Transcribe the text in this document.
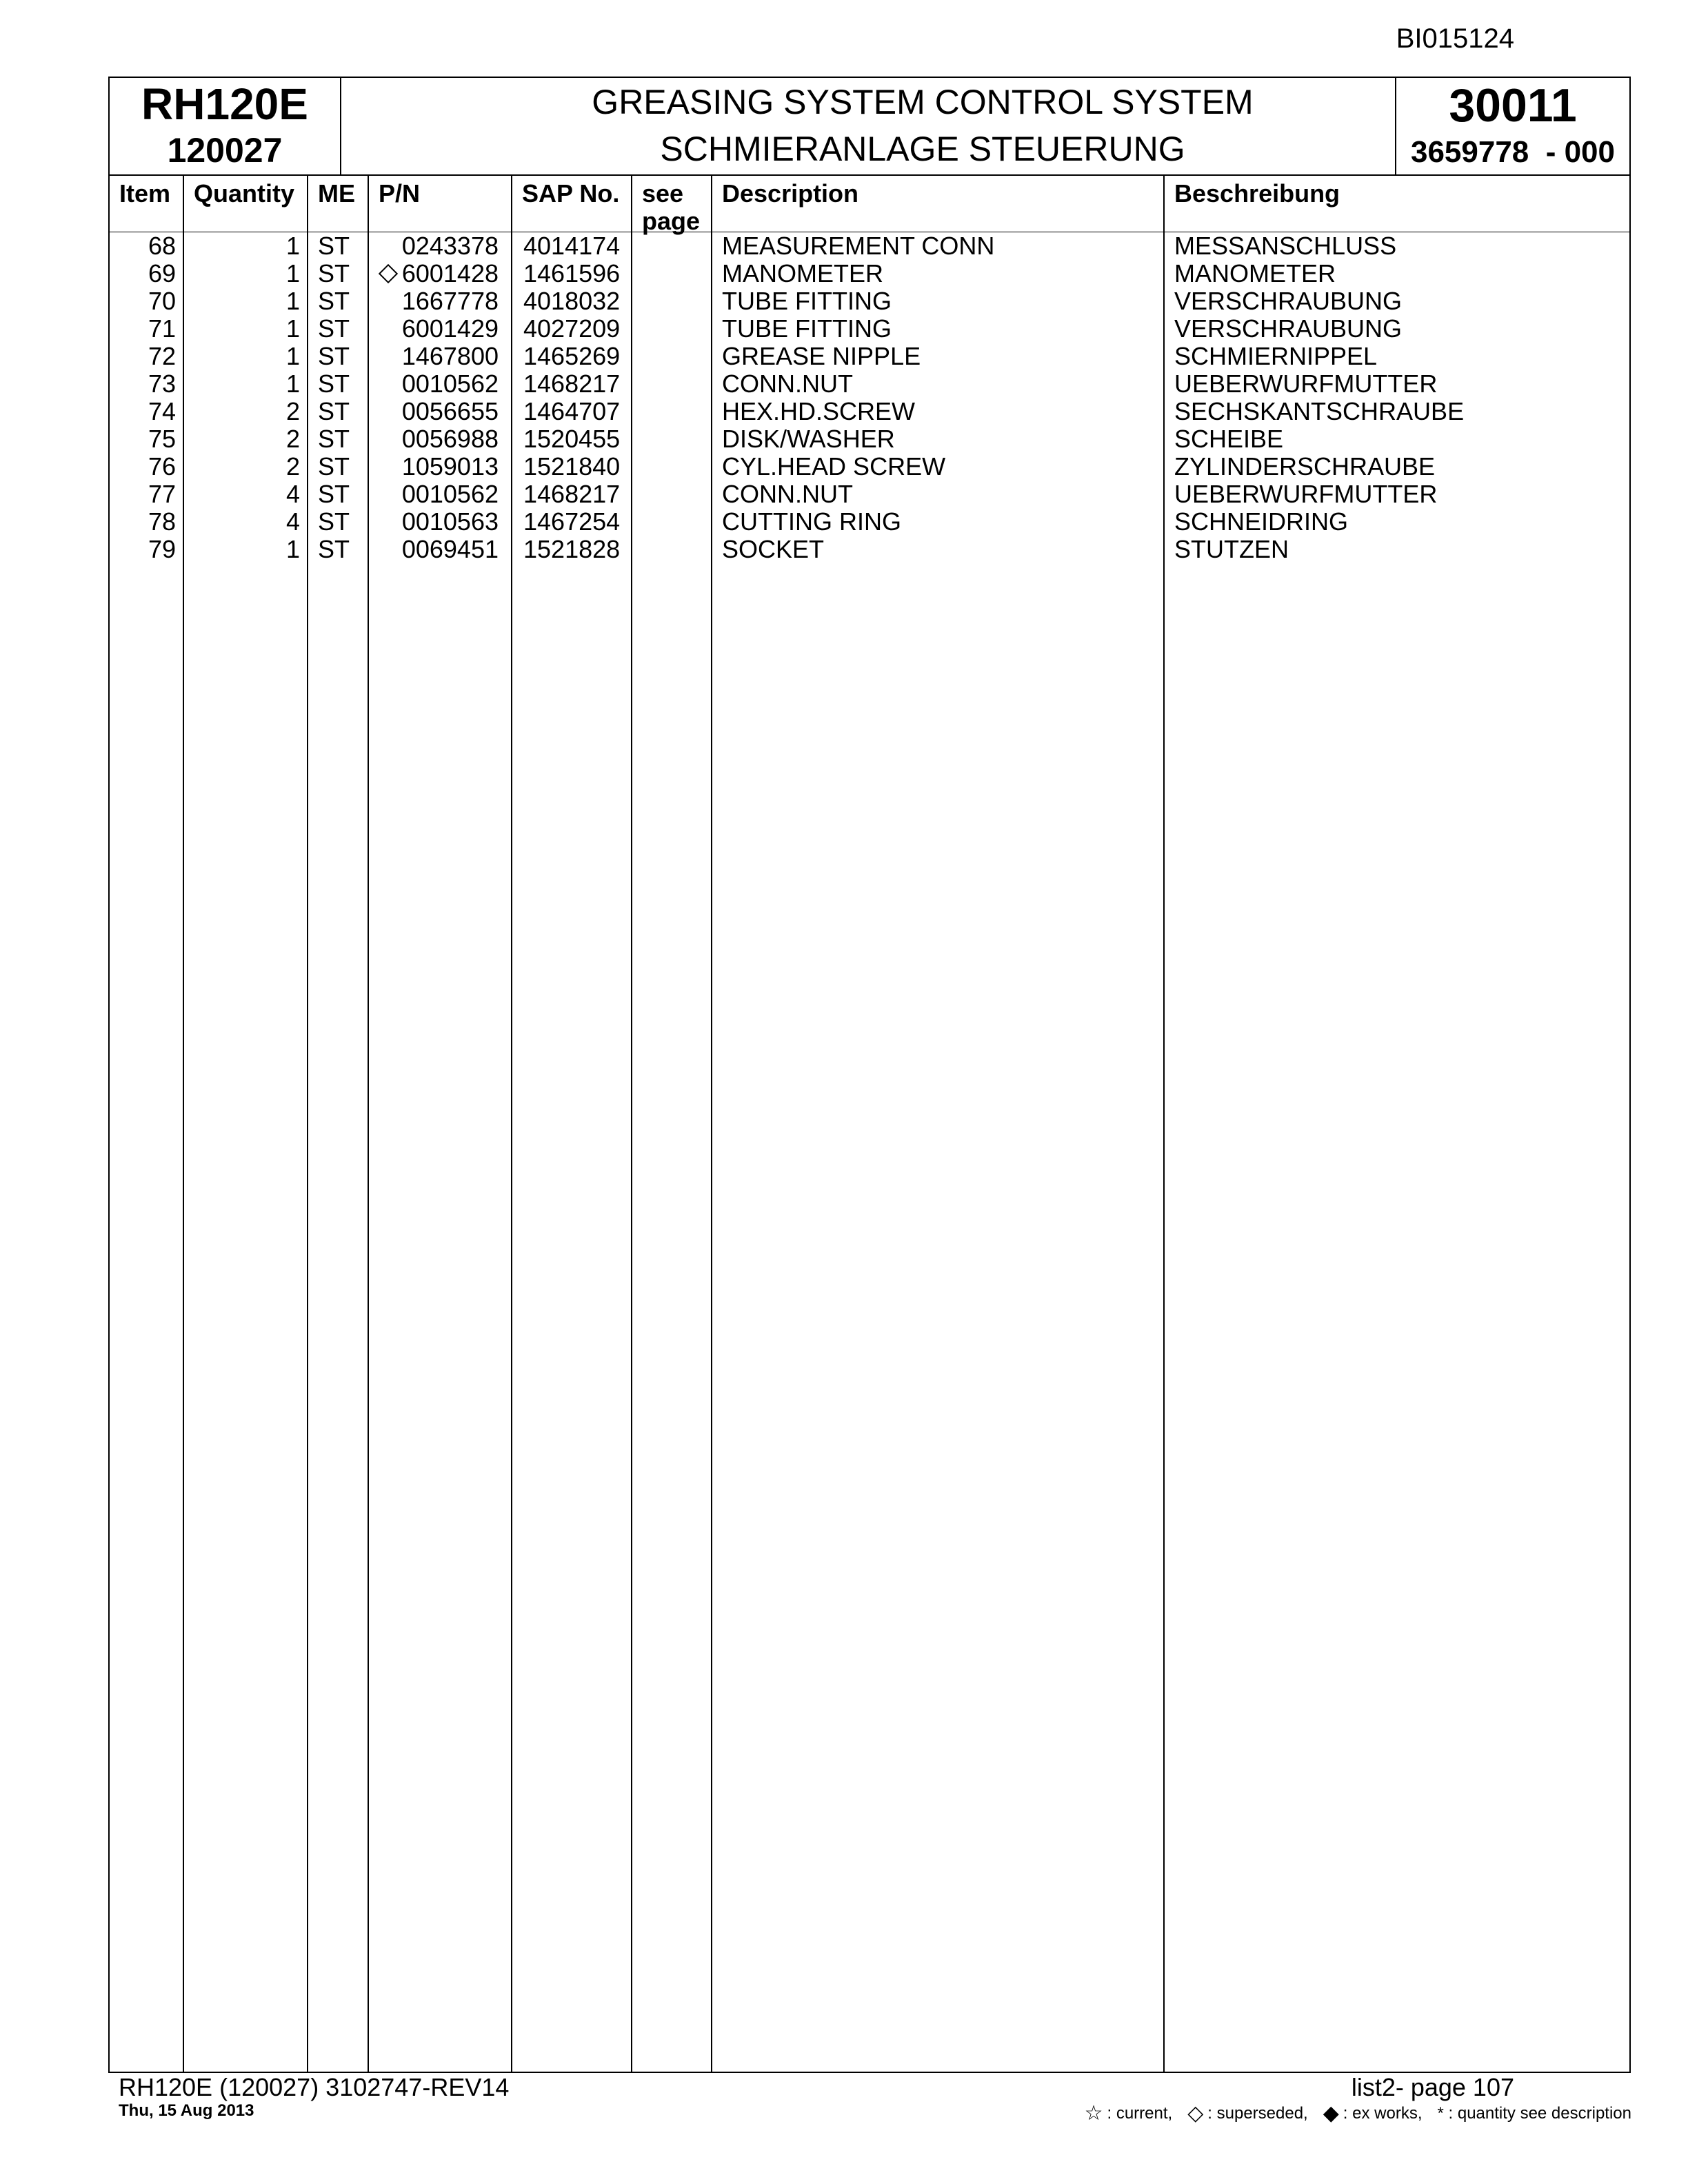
BI015124
RH120E
120027
GREASING SYSTEM CONTROL SYSTEM
SCHMIERANLAGE STEUERUNG
30011
3659778  - 000
Item Quantity ME P/N	SAP No. see
page
Description	Beschreibung
68	1 ST 0243378 4014174	MEASUREMENT CONN	MESSANSCHLUSS
69	1 ST	6001428 1461596	MANOMETER	MANOMETER
70	1 ST 1667778 4018032	TUBE FITTING	VERSCHRAUBUNG
71	1 ST 6001429 4027209	TUBE FITTING	VERSCHRAUBUNG
72	1 ST 1467800 1465269	GREASE NIPPLE	SCHMIERNIPPEL
73	1 ST 0010562 1468217	CONN.NUT	UEBERWURFMUTTER
74	2 ST 0056655 1464707	HEX.HD.SCREW	SECHSKANTSCHRAUBE
75	2 ST 0056988 1520455	DISK/WASHER	SCHEIBE
76	2 ST 1059013 1521840	CYL.HEAD SCREW	ZYLINDERSCHRAUBE
77	4 ST 0010562 1468217	CONN.NUT	UEBERWURFMUTTER
78	4 ST 0010563 1467254	CUTTING RING	SCHNEIDRING
79	1 ST 0069451 1521828	SOCKET	STUTZEN
RH120E (120027) 3102747-REV14
Thu, 15 Aug 2013
list2- page 107
☆ : current, ◇ : superseded, ◆ : ex works, * : quantity see description
